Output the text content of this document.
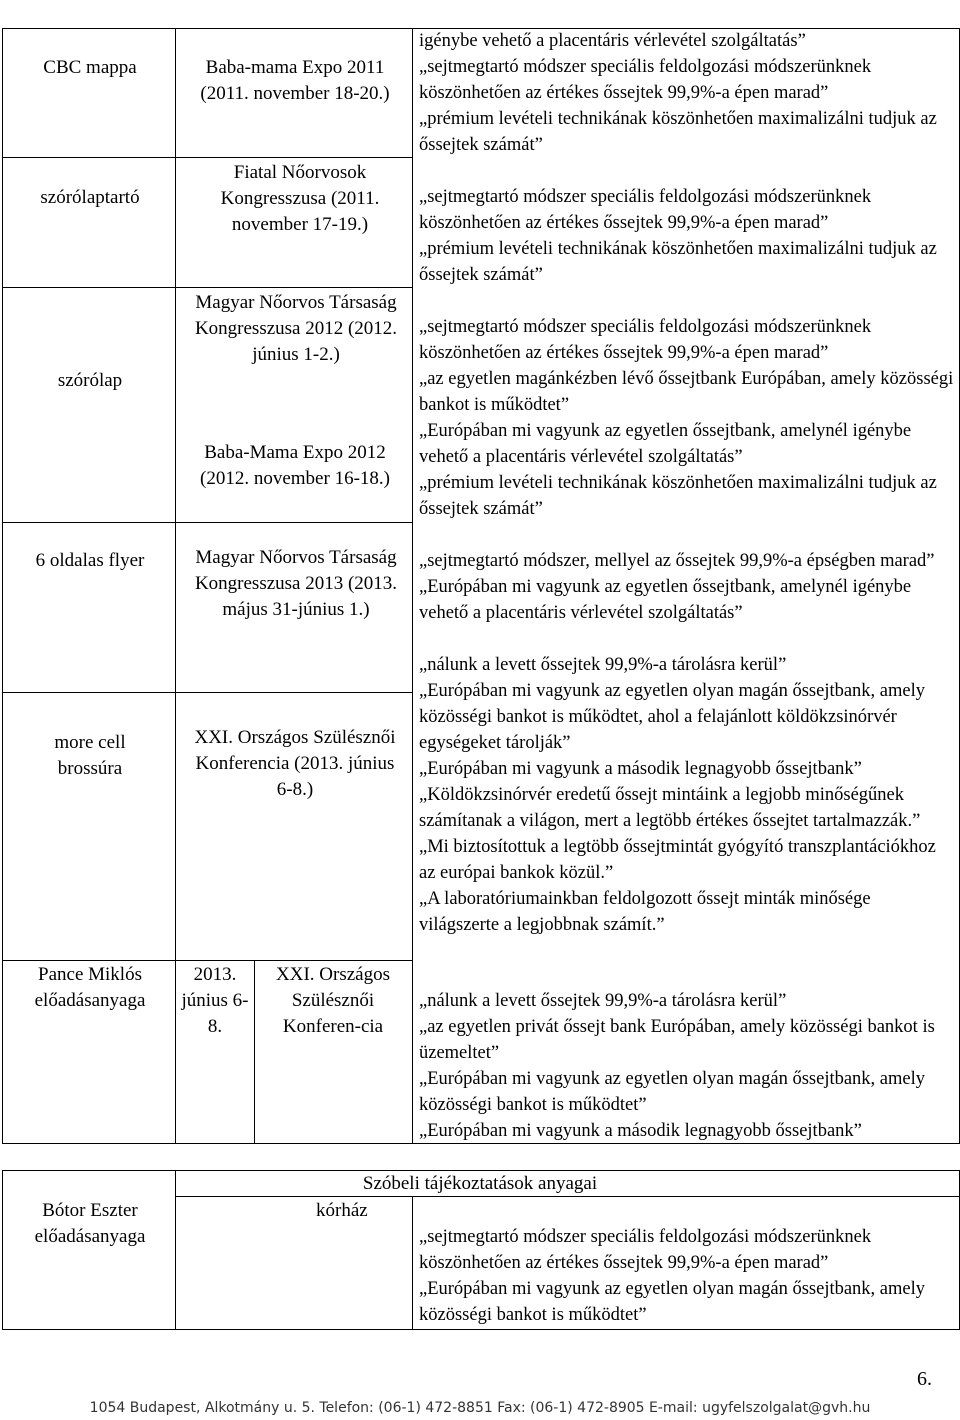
CBC mappa
szórólaptartó
szórólap
6 oldalas flyer
more cell brossúra
Pance Miklós előadásanyaga
Baba-mama Expo 2011 (2011. november 18-20.)
Fiatal Nőorvosok Kongresszusa (2011. november 17-19.)
Magyar Nőorvos Társaság Kongresszusa 2012 (2012. június 1-2.)
Baba-Mama Expo 2012 (2012. november 16-18.)
Magyar Nőorvos Társaság Kongresszusa 2013 (2013. május 31-június 1.)
XXI. Országos Szülésznői Konferencia (2013. június 6-8.)
2013. június 6-8.
XXI. Országos Szülésznői Konferen-cia

igénybe vehető a placentáris vérlevétel szolgáltatás”
„sejtmegtartó módszer speciális feldolgozási módszerünknek köszönhetően az értékes őssejtek 99,9%-a épen marad”
„prémium levételi technikának köszönhetően maximalizálni tudjuk az őssejtek számát”

„sejtmegtartó módszer speciális feldolgozási módszerünknek köszönhetően az értékes őssejtek 99,9%-a épen marad”
„prémium levételi technikának köszönhetően maximalizálni tudjuk az őssejtek számát”

„sejtmegtartó módszer speciális feldolgozási módszerünknek köszönhetően az értékes őssejtek 99,9%-a épen marad”
„az egyetlen magánkézben lévő őssejtbank Európában, amely közösségi bankot is működtet”
„Európában mi vagyunk az egyetlen őssejtbank, amelynél igénybe vehető a placentáris vérlevétel szolgáltatás”
„prémium levételi technikának köszönhetően maximalizálni tudjuk az őssejtek számát”

„sejtmegtartó módszer, mellyel az őssejtek 99,9%-a épségben marad”
„Európában mi vagyunk az egyetlen őssejtbank, amelynél igénybe vehető a placentáris vérlevétel szolgáltatás”

„nálunk a levett őssejtek 99,9%-a tárolásra kerül”
„Európában mi vagyunk az egyetlen olyan magán őssejtbank, amely közösségi bankot is működtet, ahol a felajánlott köldökzsinórvér egységeket tárolják”
„Európában mi vagyunk a második legnagyobb őssejtbank”
„Köldökzsinórvér eredetű őssejt mintáink a legjobb minőségűnek számítanak a világon, mert a legtöbb értékes őssejtet tartalmazzák.”
„Mi biztosítottuk a legtöbb őssejtmintát gyógyító transzplantációkhoz az európai bankok közül.”
„A laboratóriumainkban feldolgozott őssejt minták minősége világszerte a legjobbnak számít.”

„nálunk a levett őssejtek 99,9%-a tárolásra kerül”
„az egyetlen privát őssejt bank Európában, amely közösségi bankot is üzemeltet”
„Európában mi vagyunk az egyetlen olyan magán őssejtbank, amely közösségi bankot is működtet”
„Európában mi vagyunk a második legnagyobb őssejtbank”

Bótor Eszter előadásanyaga
Szóbeli tájékoztatások anyagai
kórház

„sejtmegtartó módszer speciális feldolgozási módszerünknek köszönhetően az értékes őssejtek 99,9%-a épen marad”
„Európában mi vagyunk az egyetlen olyan magán őssejtbank, amely közösségi bankot is működtet”

6.
1054 Budapest, Alkotmány u. 5. Telefon: (06-1) 472-8851 Fax: (06-1) 472-8905 E-mail: ugyfelszolgalat@gvh.hu
